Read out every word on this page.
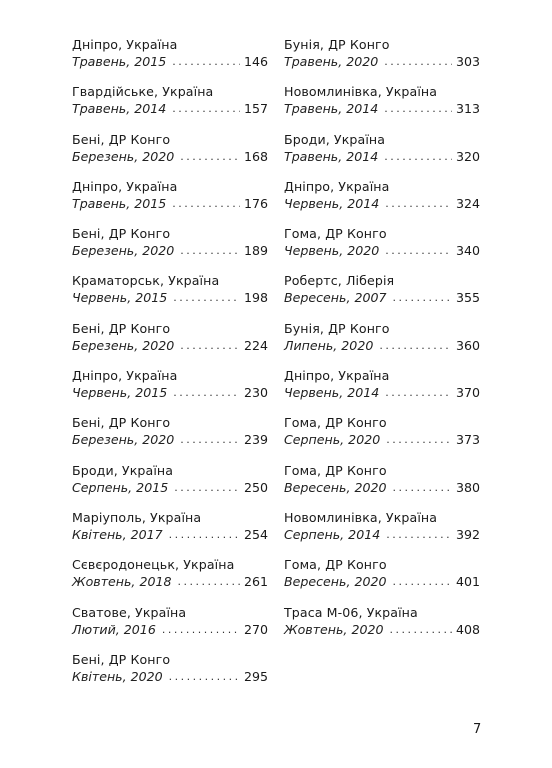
Дніпро, Україна
Травень, 2015 . . .	146
Гвардійське, Україна
Травень, 2014 . . .	157
Бені, ДР Конго
Березень, 2020 . . .	168
Дніпро, Україна
Травень, 2015 . . .	176
Бені, ДР Конго
Березень, 2020 . . .	189
Краматорськ, Україна
Червень, 2015 . . .	198
Бені, ДР Конго
Березень, 2020 . . .	224
Дніпро, Україна
Червень, 2015 . . .	230
Бені, ДР Конго
Березень, 2020 . . .	239
Броди, Україна
Серпень, 2015 . . .	250
Маріуполь, Україна
Квітень, 2017 . . .	254
Сєвєродонецьк, Україна
Жовтень, 2018 . . .	261
Сватове, Україна
Лютий, 2016 . . .	270
Бені, ДР Конго
Квітень, 2020 . . .	295
Бунія, ДР Конго
Травень, 2020 . . .	303
Новомлинівка, Україна
Травень, 2014 . . .	313
Броди, Україна
Травень, 2014 . . .	320
Дніпро, Україна
Червень, 2014 . . .	324
Гома, ДР Конго
Червень, 2020 . . .	340
Робертс, Ліберія
Вересень, 2007 . . .	355
Бунія, ДР Конго
Липень, 2020 . . .	360
Дніпро, Україна
Червень, 2014 . . .	370
Гома, ДР Конго
Серпень, 2020 . . .	373
Гома, ДР Конго
Вересень, 2020 . . .	380
Новомлинівка, Україна
Серпень, 2014 . . .	392
Гома, ДР Конго
Вересень, 2020 . . .	401
Траса М-06, Україна
Жовтень, 2020 . . .	408
7
